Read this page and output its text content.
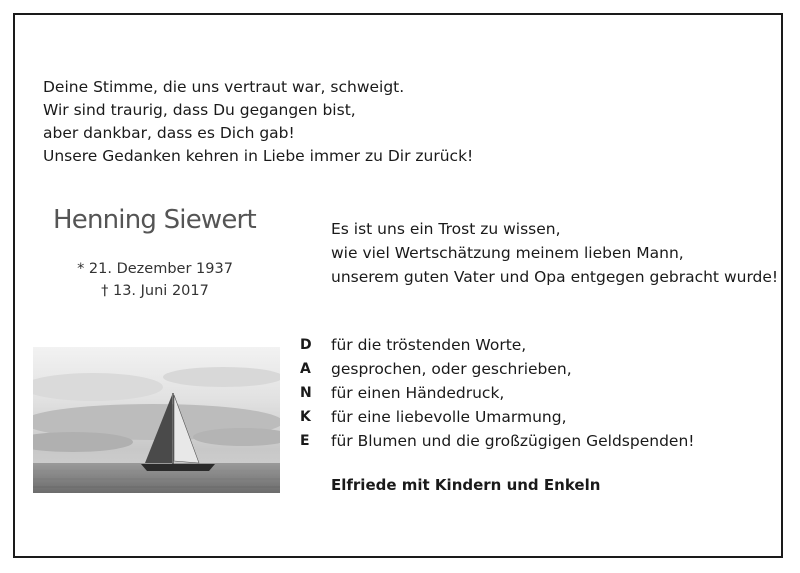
Deine Stimme, die uns vertraut war, schweigt.
Wir sind traurig, dass Du gegangen bist,
aber dankbar, dass es Dich gab!
Unsere Gedanken kehren in Liebe immer zu Dir zurück!
Henning Siewert
* 21. Dezember 1937
† 13. Juni 2017
Es ist uns ein Trost zu wissen,
wie viel Wertschätzung meinem lieben Mann,
unserem guten Vater und Opa entgegen gebracht wurde!
D	für die tröstenden Worte,
A	gesprochen, oder geschrieben,
N	für einen Händedruck,
K	für eine liebevolle Umarmung,
E	für Blumen und die großzügigen Geldspenden!
Elfriede mit Kindern und Enkeln
